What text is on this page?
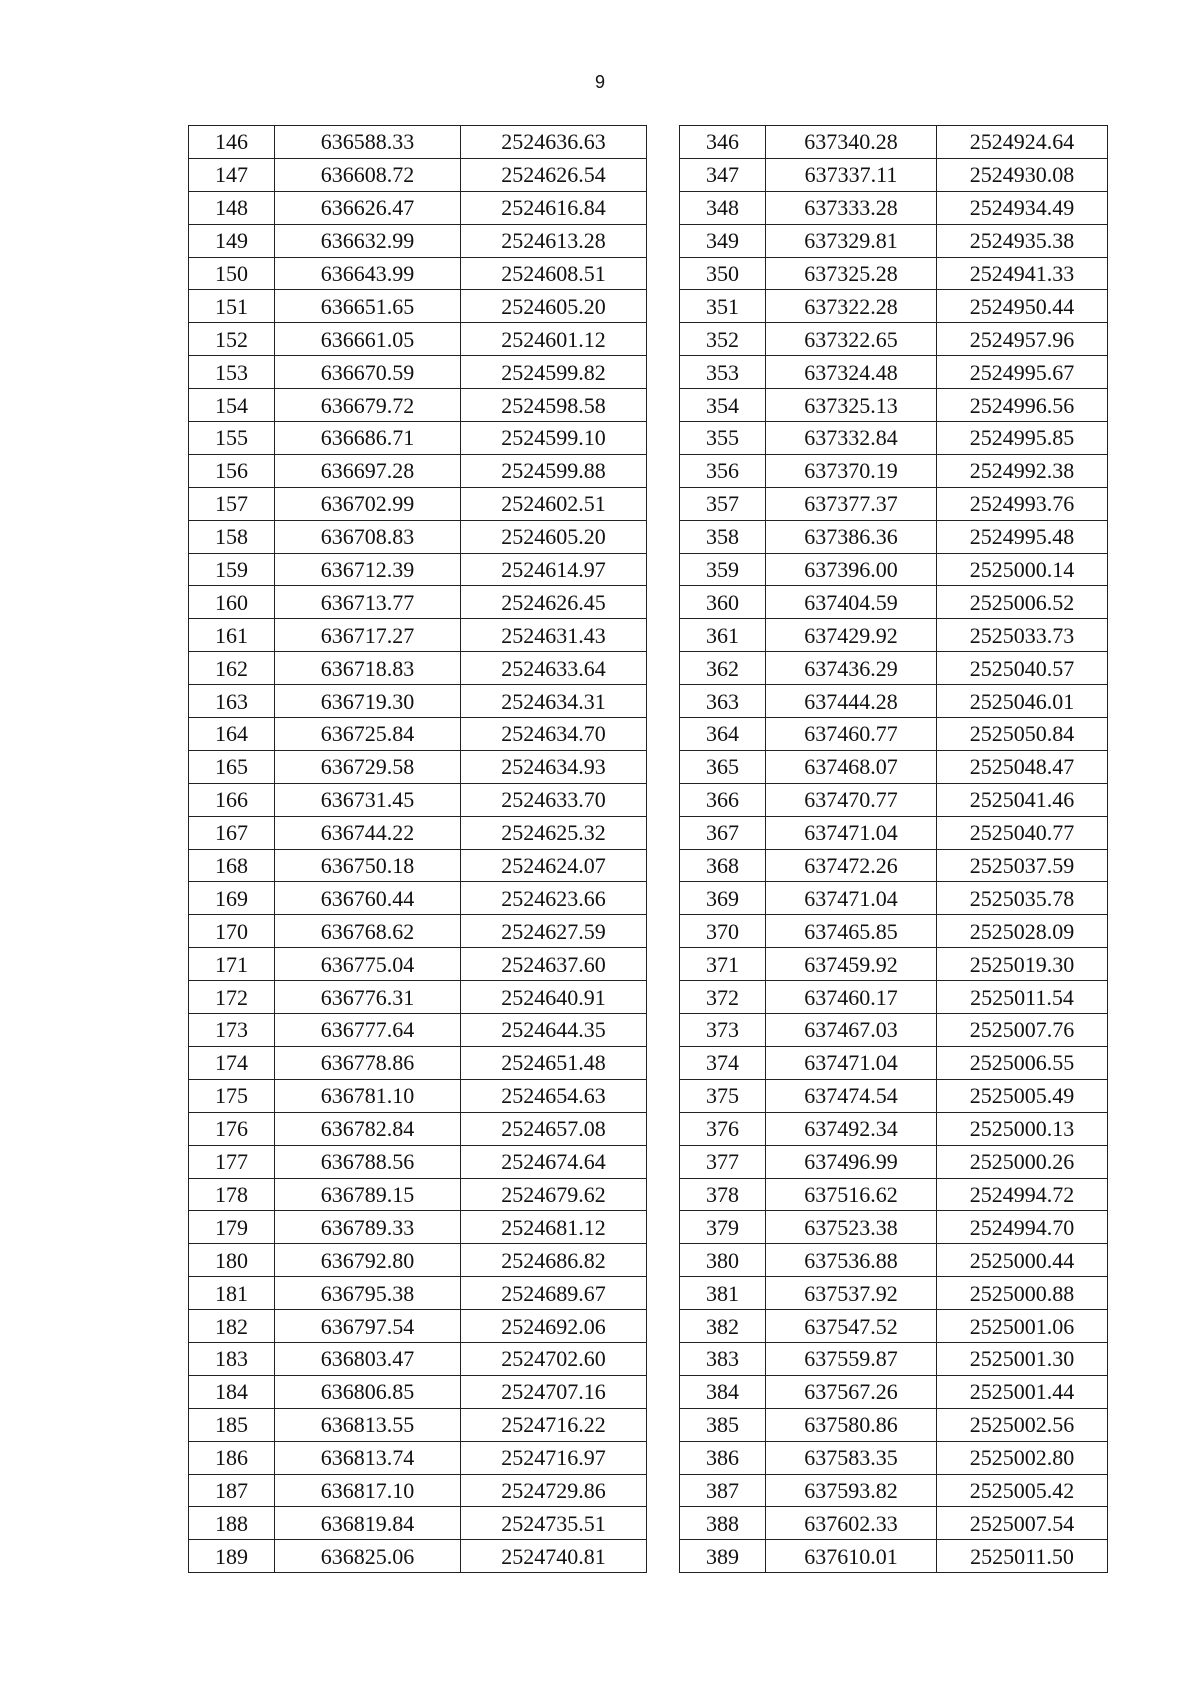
9
146	636588.33	2524636.63
147	636608.72	2524626.54
148	636626.47	2524616.84
149	636632.99	2524613.28
150	636643.99	2524608.51
151	636651.65	2524605.20
152	636661.05	2524601.12
153	636670.59	2524599.82
154	636679.72	2524598.58
155	636686.71	2524599.10
156	636697.28	2524599.88
157	636702.99	2524602.51
158	636708.83	2524605.20
159	636712.39	2524614.97
160	636713.77	2524626.45
161	636717.27	2524631.43
162	636718.83	2524633.64
163	636719.30	2524634.31
164	636725.84	2524634.70
165	636729.58	2524634.93
166	636731.45	2524633.70
167	636744.22	2524625.32
168	636750.18	2524624.07
169	636760.44	2524623.66
170	636768.62	2524627.59
171	636775.04	2524637.60
172	636776.31	2524640.91
173	636777.64	2524644.35
174	636778.86	2524651.48
175	636781.10	2524654.63
176	636782.84	2524657.08
177	636788.56	2524674.64
178	636789.15	2524679.62
179	636789.33	2524681.12
180	636792.80	2524686.82
181	636795.38	2524689.67
182	636797.54	2524692.06
183	636803.47	2524702.60
184	636806.85	2524707.16
185	636813.55	2524716.22
186	636813.74	2524716.97
187	636817.10	2524729.86
188	636819.84	2524735.51
189	636825.06	2524740.81
346	637340.28	2524924.64
347	637337.11	2524930.08
348	637333.28	2524934.49
349	637329.81	2524935.38
350	637325.28	2524941.33
351	637322.28	2524950.44
352	637322.65	2524957.96
353	637324.48	2524995.67
354	637325.13	2524996.56
355	637332.84	2524995.85
356	637370.19	2524992.38
357	637377.37	2524993.76
358	637386.36	2524995.48
359	637396.00	2525000.14
360	637404.59	2525006.52
361	637429.92	2525033.73
362	637436.29	2525040.57
363	637444.28	2525046.01
364	637460.77	2525050.84
365	637468.07	2525048.47
366	637470.77	2525041.46
367	637471.04	2525040.77
368	637472.26	2525037.59
369	637471.04	2525035.78
370	637465.85	2525028.09
371	637459.92	2525019.30
372	637460.17	2525011.54
373	637467.03	2525007.76
374	637471.04	2525006.55
375	637474.54	2525005.49
376	637492.34	2525000.13
377	637496.99	2525000.26
378	637516.62	2524994.72
379	637523.38	2524994.70
380	637536.88	2525000.44
381	637537.92	2525000.88
382	637547.52	2525001.06
383	637559.87	2525001.30
384	637567.26	2525001.44
385	637580.86	2525002.56
386	637583.35	2525002.80
387	637593.82	2525005.42
388	637602.33	2525007.54
389	637610.01	2525011.50
